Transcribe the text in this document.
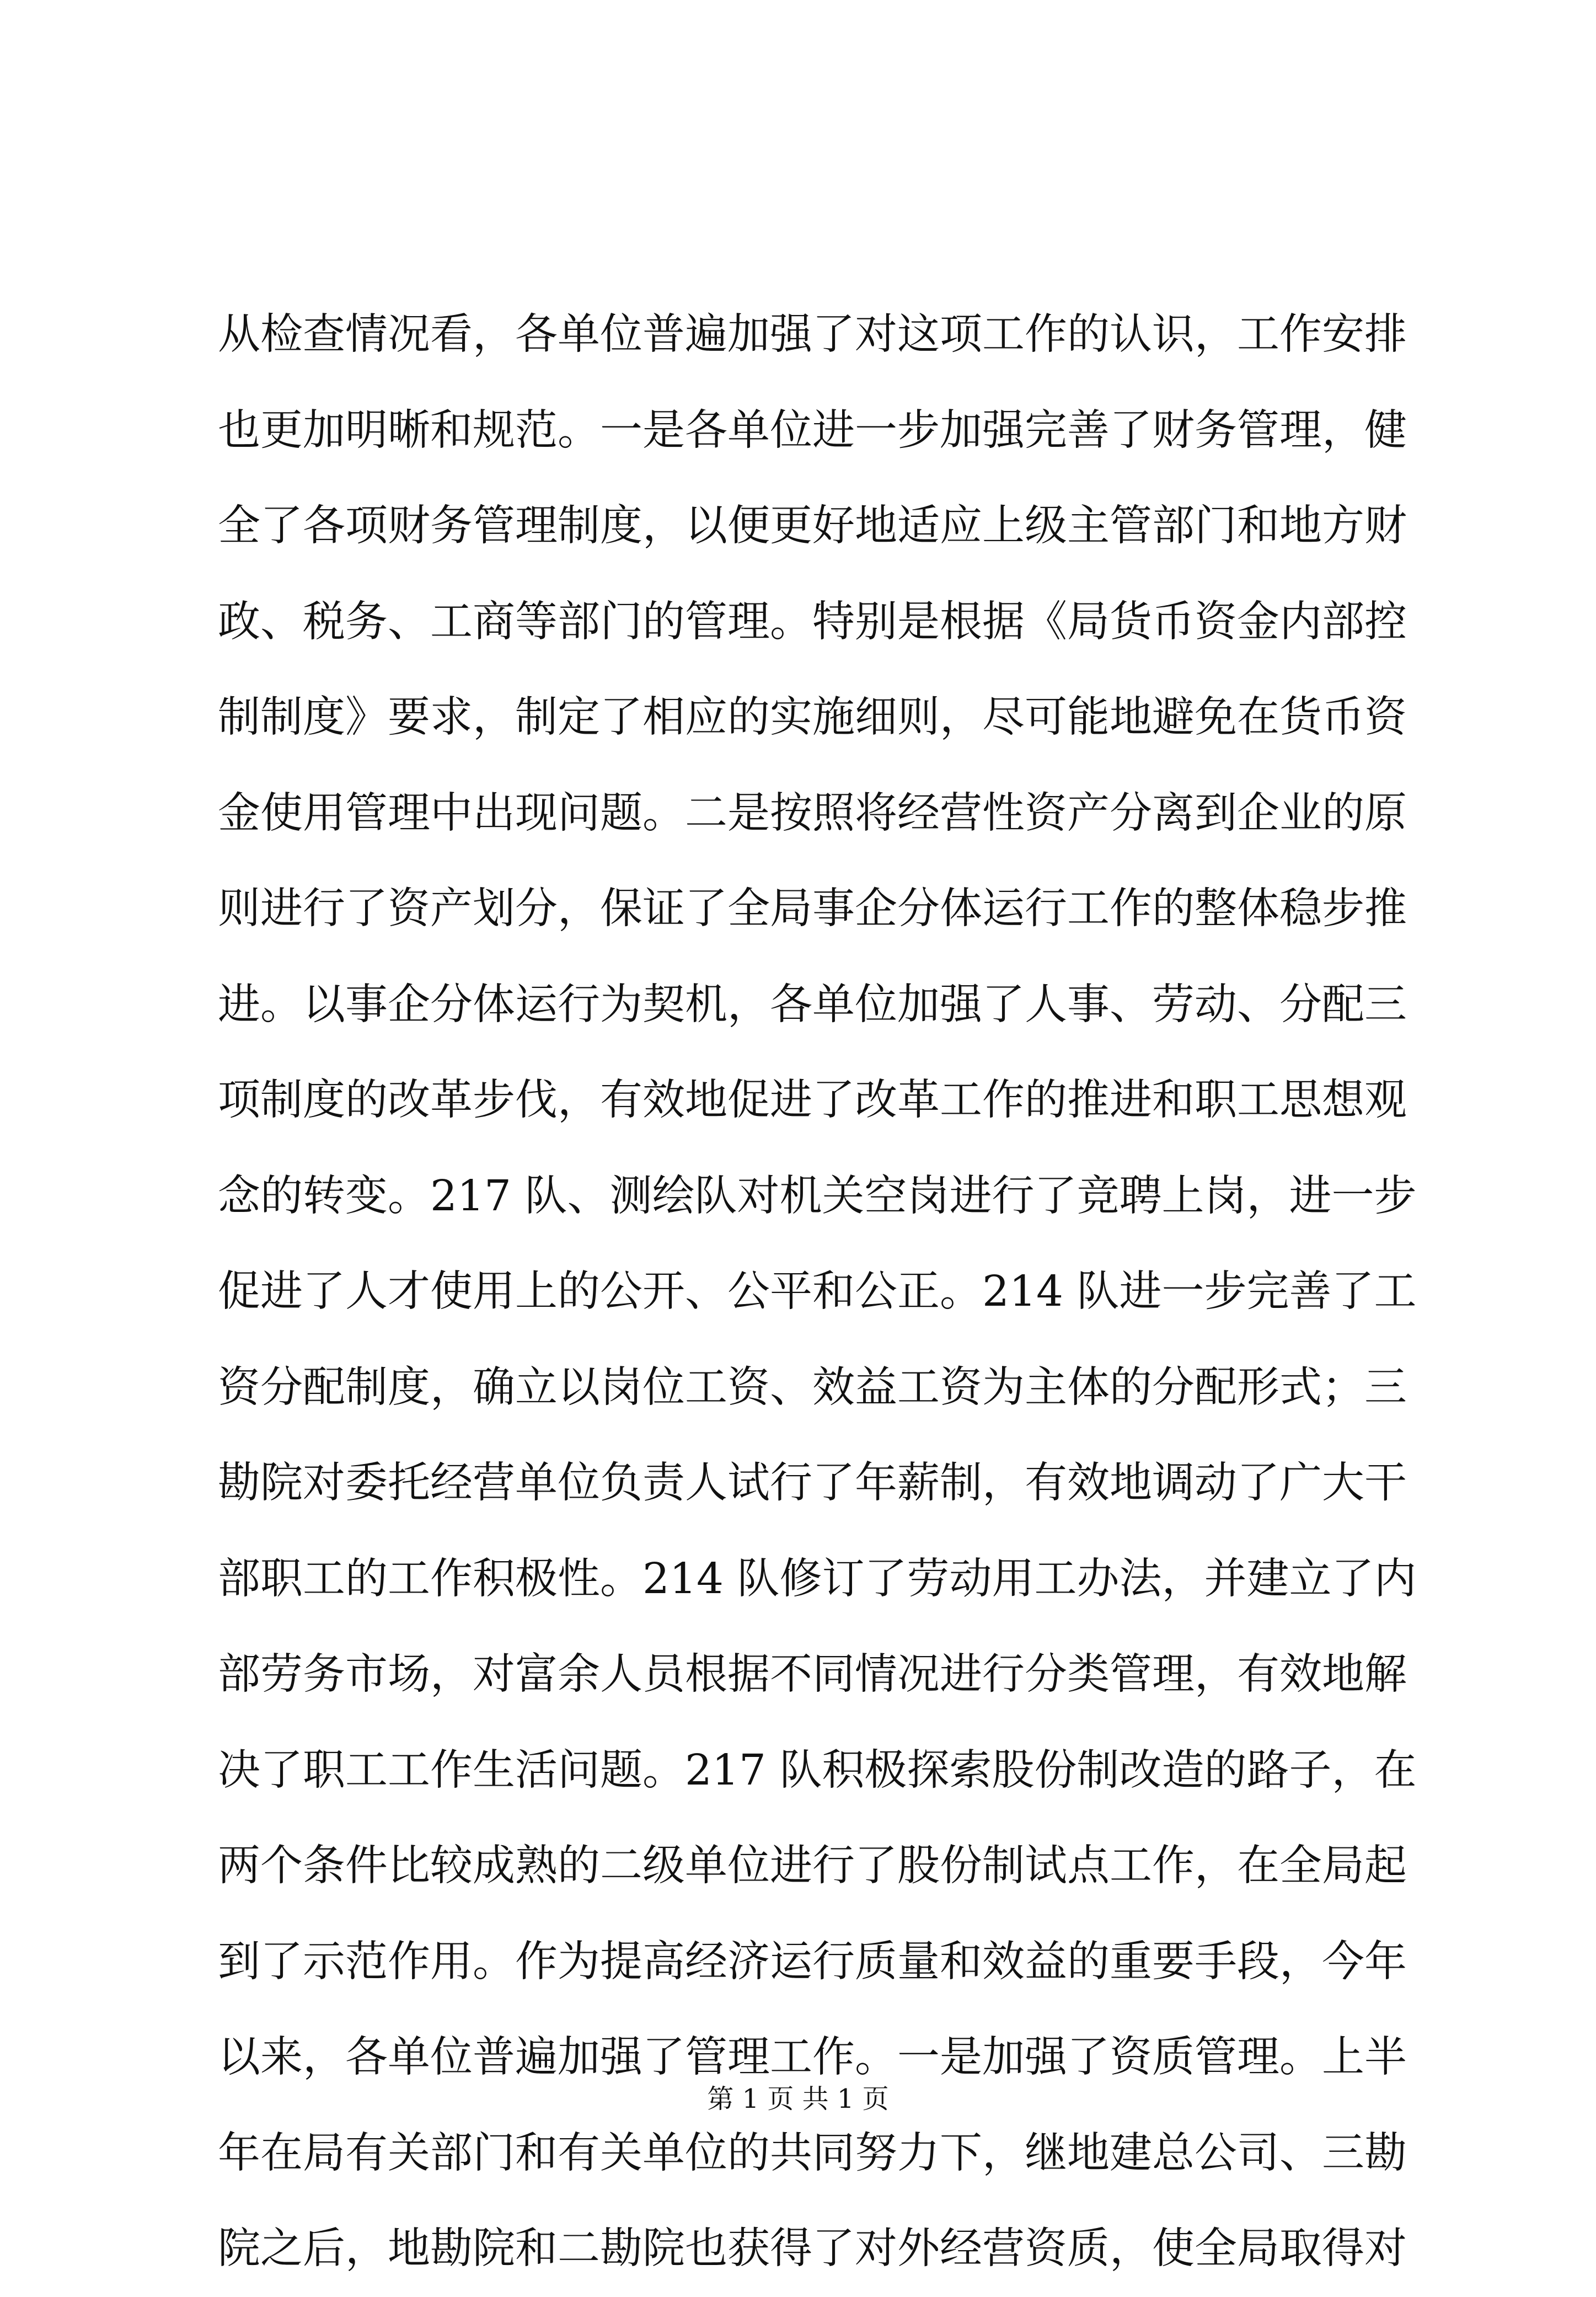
从检查情况看，各单位普遍加强了对这项工作的认识，工作安排
也更加明晰和规范。一是各单位进一步加强完善了财务管理，健
全了各项财务管理制度，以便更好地适应上级主管部门和地方财
政、税务、工商等部门的管理。特别是根据《局货币资金内部控
制制度》要求，制定了相应的实施细则，尽可能地避免在货币资
金使用管理中出现问题。二是按照将经营性资产分离到企业的原
则进行了资产划分，保证了全局事企分体运行工作的整体稳步推
进。以事企分体运行为契机，各单位加强了人事、劳动、分配三
项制度的改革步伐，有效地促进了改革工作的推进和职工思想观
念的转变。217 队、测绘队对机关空岗进行了竞聘上岗，进一步
促进了人才使用上的公开、公平和公正。214 队进一步完善了工
资分配制度，确立以岗位工资、效益工资为主体的分配形式；三
勘院对委托经营单位负责人试行了年薪制，有效地调动了广大干
部职工的工作积极性。214 队修订了劳动用工办法，并建立了内
部劳务市场，对富余人员根据不同情况进行分类管理，有效地解
决了职工工作生活问题。217 队积极探索股份制改造的路子，在
两个条件比较成熟的二级单位进行了股份制试点工作，在全局起
到了示范作用。作为提高经济运行质量和效益的重要手段，今年
以来，各单位普遍加强了管理工作。一是加强了资质管理。上半
年在局有关部门和有关单位的共同努力下，继地建总公司、三勘
院之后，地勘院和二勘院也获得了对外经营资质，使全局取得对
第 1 页 共 1 页
